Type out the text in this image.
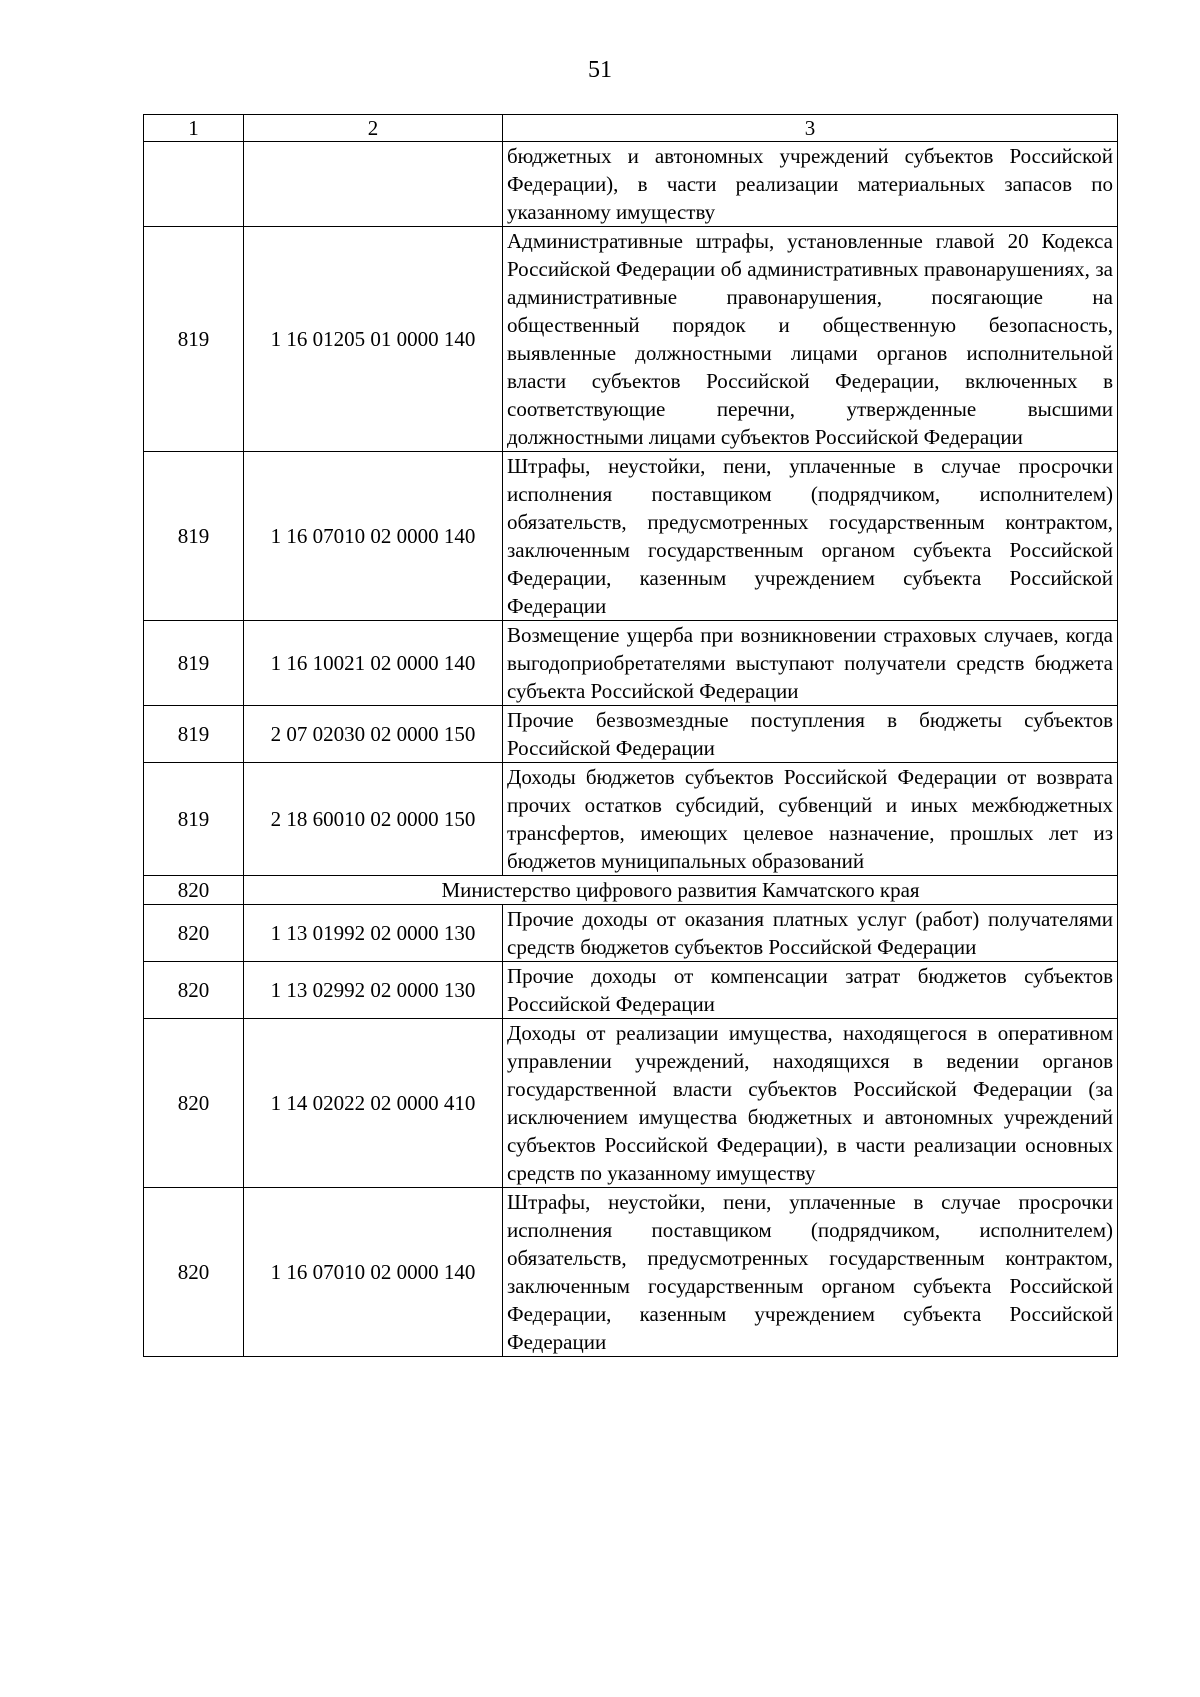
51
1	2	3
		бюджетных и автономных учреждений субъектов Российской Федерации), в части реализации материальных запасов по указанному имуществу
819	1 16 01205 01 0000 140	Административные штрафы, установленные главой 20 Кодекса Российской Федерации об административных правонарушениях, за административные правонарушения, посягающие на общественный порядок и общественную безопасность, выявленные должностными лицами органов исполнительной власти субъектов Российской Федерации, включенных в соответствующие перечни, утвержденные высшими должностными лицами субъектов Российской Федерации
819	1 16 07010 02 0000 140	Штрафы, неустойки, пени, уплаченные в случае просрочки исполнения поставщиком (подрядчиком, исполнителем) обязательств, предусмотренных государственным контрактом, заключенным государственным органом субъекта Российской Федерации, казенным учреждением субъекта Российской Федерации
819	1 16 10021 02 0000 140	Возмещение ущерба при возникновении страховых случаев, когда выгодоприобретателями выступают получатели средств бюджета субъекта Российской Федерации
819	2 07 02030 02 0000 150	Прочие безвозмездные поступления в бюджеты субъектов Российской Федерации
819	2 18 60010 02 0000 150	Доходы бюджетов субъектов Российской Федерации от возврата прочих остатков субсидий, субвенций и иных межбюджетных трансфертов, имеющих целевое назначение, прошлых лет из бюджетов муниципальных образований
820	Министерство цифрового развития Камчатского края	
820	1 13 01992 02 0000 130	Прочие доходы от оказания платных услуг (работ) получателями средств бюджетов субъектов Российской Федерации
820	1 13 02992 02 0000 130	Прочие доходы от компенсации затрат бюджетов субъектов Российской Федерации
820	1 14 02022 02 0000 410	Доходы от реализации имущества, находящегося в оперативном управлении учреждений, находящихся в ведении органов государственной власти субъектов Российской Федерации (за исключением имущества бюджетных и автономных учреждений субъектов Российской Федерации), в части реализации основных средств по указанному имуществу
820	1 16 07010 02 0000 140	Штрафы, неустойки, пени, уплаченные в случае просрочки исполнения поставщиком (подрядчиком, исполнителем) обязательств, предусмотренных государственным контрактом, заключенным государственным органом субъекта Российской Федерации, казенным учреждением субъекта Российской Федерации
